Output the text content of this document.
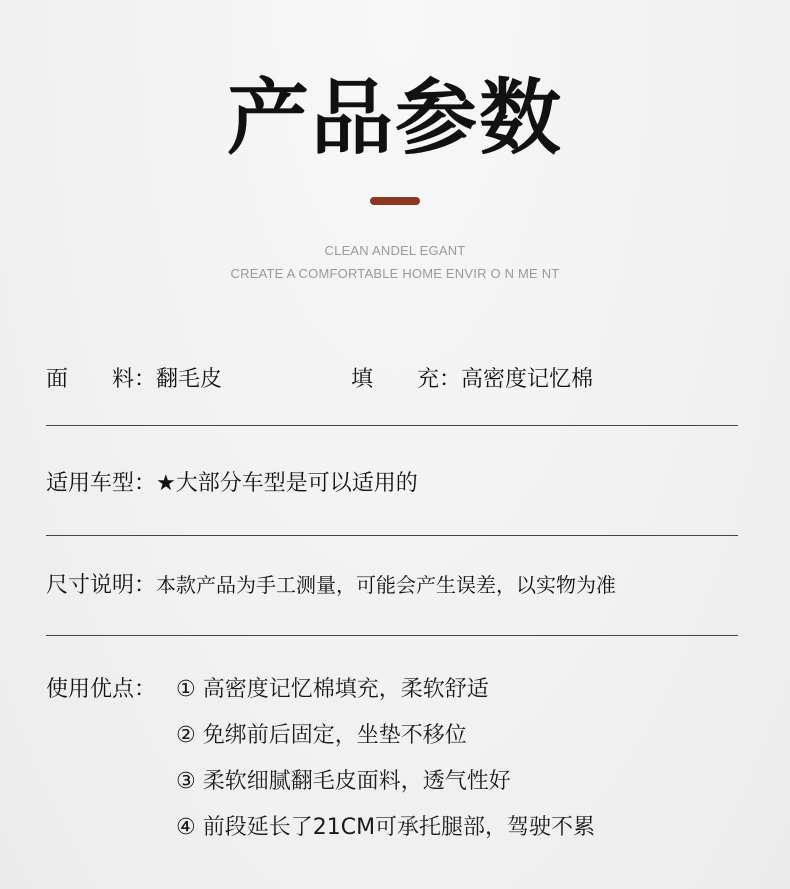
产品参数
CLEAN ANDEL EGANT
CREATE A COMFORTABLE HOME ENVIR O N ME NT
面　　料：翻毛皮	填　　充：高密度记忆棉
适用车型：★大部分车型是可以适用的
尺寸说明：本款产品为手工测量，可能会产生误差，以实物为准
使用优点： ① 高密度记忆棉填充，柔软舒适
② 免绑前后固定，坐垫不移位
③ 柔软细腻翻毛皮面料，透气性好
④ 前段延长了21CM可承托腿部，驾驶不累
